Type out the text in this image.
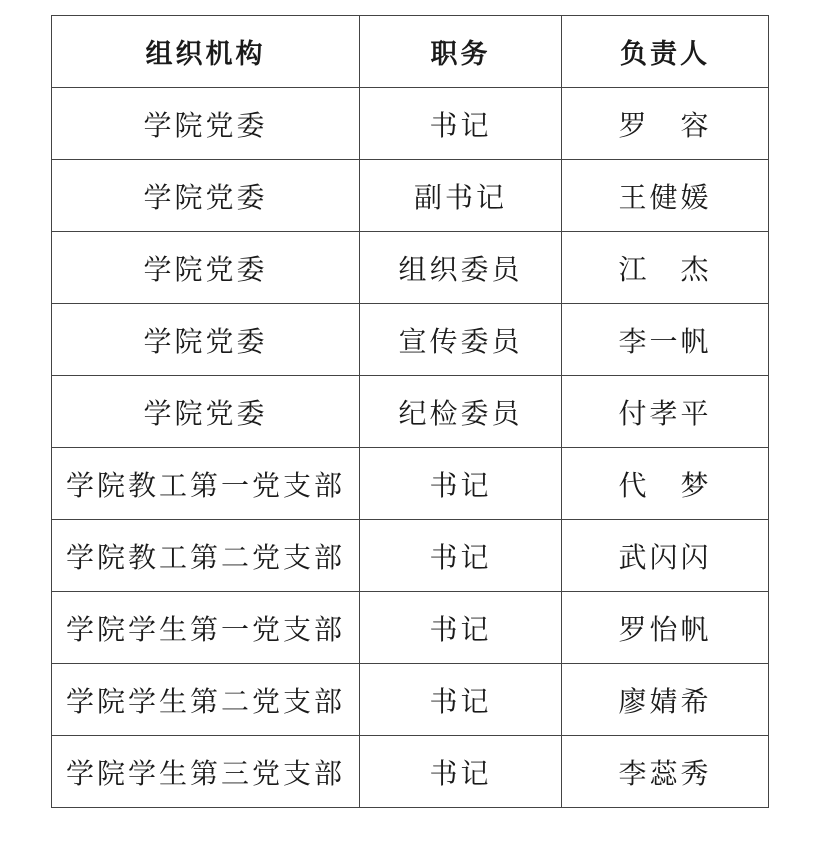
组织机构	职务	负责人
学院党委	书记	罗　容
学院党委	副书记	王健媛
学院党委	组织委员	江　杰
学院党委	宣传委员	李一帆
学院党委	纪检委员	付孝平
学院教工第一党支部	书记	代　梦
学院教工第二党支部	书记	武闪闪
学院学生第一党支部	书记	罗怡帆
学院学生第二党支部	书记	廖婧希
学院学生第三党支部	书记	李蕊秀
